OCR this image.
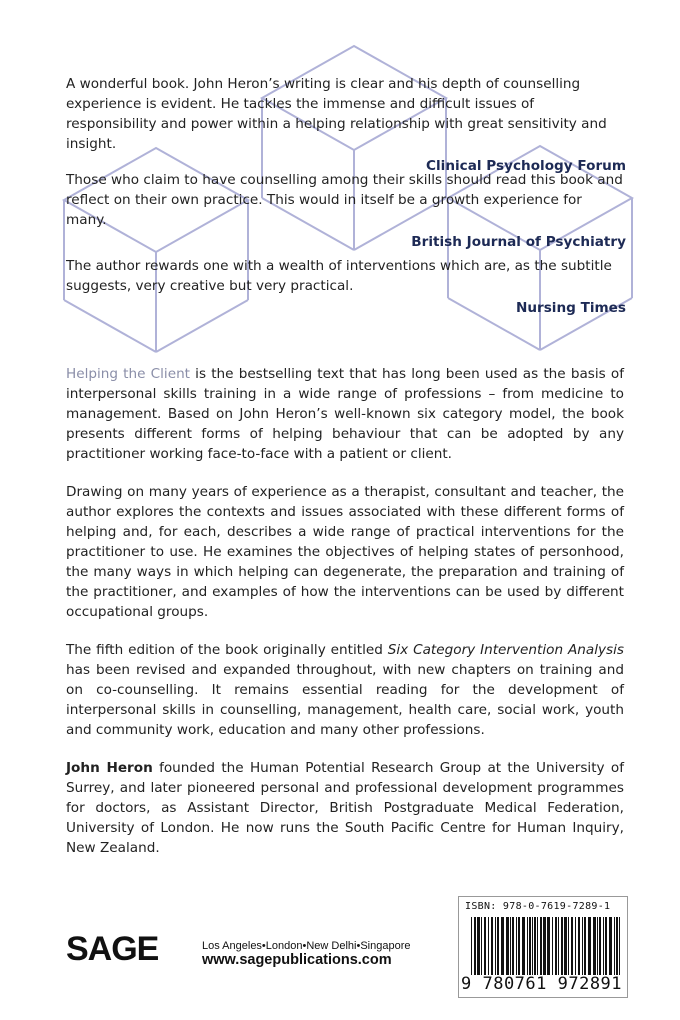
A wonderful book. John Heron’s writing is clear and his depth of counselling experience is evident. He tackles the immense and difficult issues of responsibility and power within a helping relationship with great sensitivity and insight.

Clinical Psychology Forum

Those who claim to have counselling among their skills should read this book and reflect on their own practice. This would in itself be a growth experience for many.

British Journal of Psychiatry

The author rewards one with a wealth of interventions which are, as the subtitle suggests, very creative but very practical.

Nursing Times

Helping the Client is the bestselling text that has long been used as the basis of interpersonal skills training in a wide range of professions – from medicine to management. Based on John Heron’s well-known six category model, the book presents different forms of helping behaviour that can be adopted by any practitioner working face-to-face with a patient or client.

Drawing on many years of experience as a therapist, consultant and teacher, the author explores the contexts and issues associated with these different forms of helping and, for each, describes a wide range of practical interventions for the practitioner to use. He examines the objectives of helping states of personhood, the many ways in which helping can degenerate, the preparation and training of the practitioner, and examples of how the interventions can be used by different occupational groups.

The fifth edition of the book originally entitled Six Category Intervention Analysis has been revised and expanded throughout, with new chapters on training and on co-counselling. It remains essential reading for the development of interpersonal skills in counselling, management, health care, social work, youth and community work, education and many other professions.

John Heron founded the Human Potential Research Group at the University of Surrey, and later pioneered personal and professional development programmes for doctors, as Assistant Director, British Postgraduate Medical Federation, University of London. He now runs the South Pacific Centre for Human Inquiry, New Zealand.

SAGE	Los Angeles•London•New Delhi•Singapore
www.sagepublications.com
ISBN: 978-0-7619-7289-1
9 780761 972891
